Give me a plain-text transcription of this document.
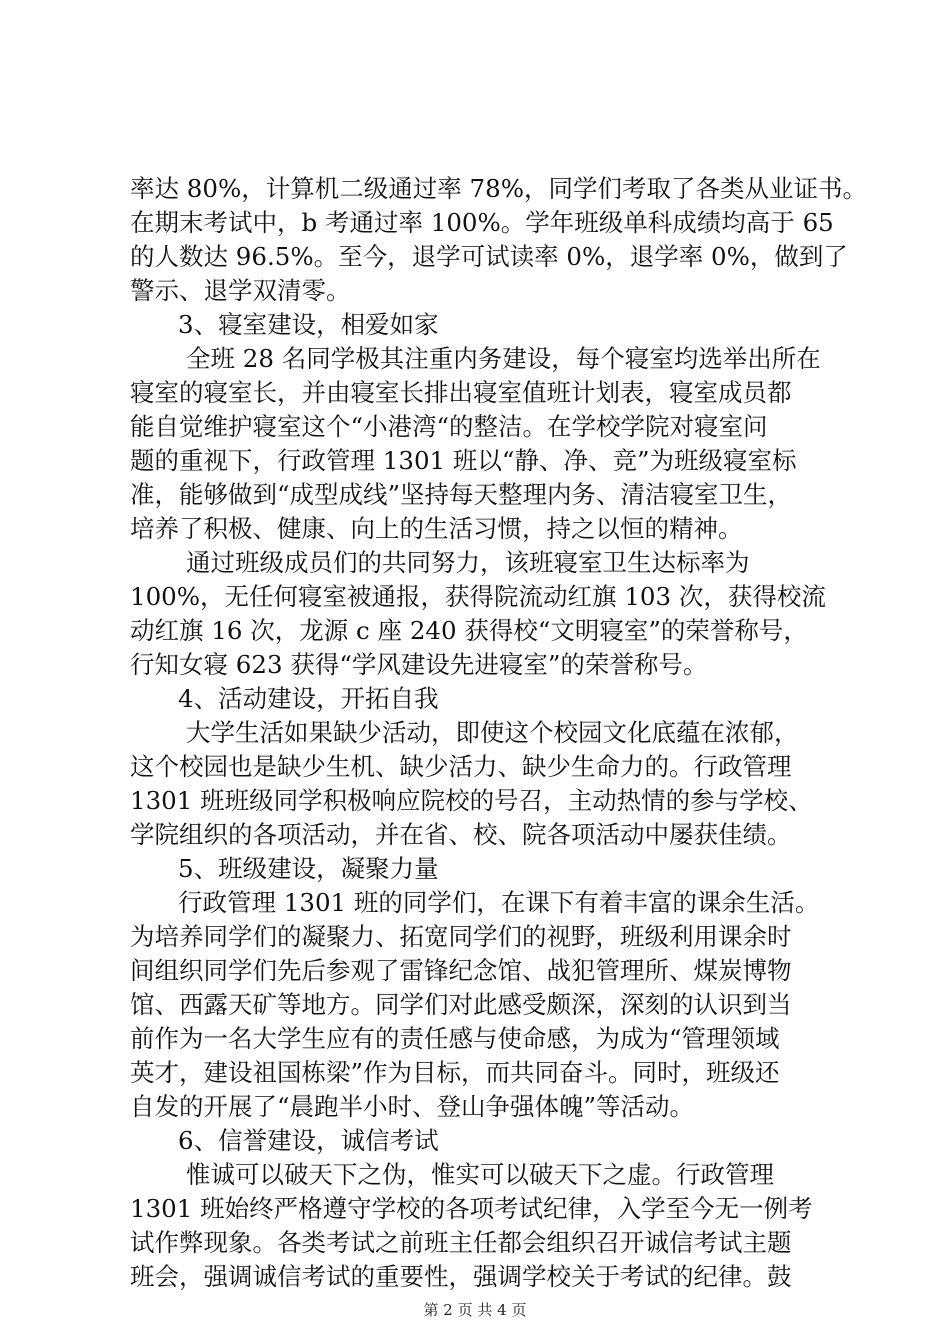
率达 80%，计算机二级通过率 78%，同学们考取了各类从业证书。
在期末考试中，b 考通过率 100%。学年班级单科成绩均高于 65
的人数达 96.5%。至今，退学可试读率 0%，退学率 0%，做到了
警示、退学双清零。
3、寝室建设，相爱如家
全班 28 名同学极其注重内务建设，每个寝室均选举出所在
寝室的寝室长，并由寝室长排出寝室值班计划表，寝室成员都
能自觉维护寝室这个“小港湾“的整洁。在学校学院对寝室问
题的重视下，行政管理 1301 班以“静、净、竞”为班级寝室标
准，能够做到“成型成线”坚持每天整理内务、清洁寝室卫生，
培养了积极、健康、向上的生活习惯，持之以恒的精神。
通过班级成员们的共同努力，该班寝室卫生达标率为
100%，无任何寝室被通报，获得院流动红旗 103 次，获得校流
动红旗 16 次，龙源 c 座 240 获得校“文明寝室”的荣誉称号，
行知女寝 623 获得“学风建设先进寝室”的荣誉称号。
4、活动建设，开拓自我
大学生活如果缺少活动，即使这个校园文化底蕴在浓郁，
这个校园也是缺少生机、缺少活力、缺少生命力的。行政管理
1301 班班级同学积极响应院校的号召，主动热情的参与学校、
学院组织的各项活动，并在省、校、院各项活动中屡获佳绩。
5、班级建设，凝聚力量
行政管理 1301 班的同学们，在课下有着丰富的课余生活。
为培养同学们的凝聚力、拓宽同学们的视野，班级利用课余时
间组织同学们先后参观了雷锋纪念馆、战犯管理所、煤炭博物
馆、西露天矿等地方。同学们对此感受颇深，深刻的认识到当
前作为一名大学生应有的责任感与使命感，为成为“管理领域
英才，建设祖国栋梁”作为目标，而共同奋斗。同时，班级还
自发的开展了“晨跑半小时、登山争强体魄”等活动。
6、信誉建设，诚信考试
惟诚可以破天下之伪，惟实可以破天下之虚。行政管理
1301 班始终严格遵守学校的各项考试纪律，入学至今无一例考
试作弊现象。各类考试之前班主任都会组织召开诚信考试主题
班会，强调诚信考试的重要性，强调学校关于考试的纪律。鼓
第 2 页 共 4 页
